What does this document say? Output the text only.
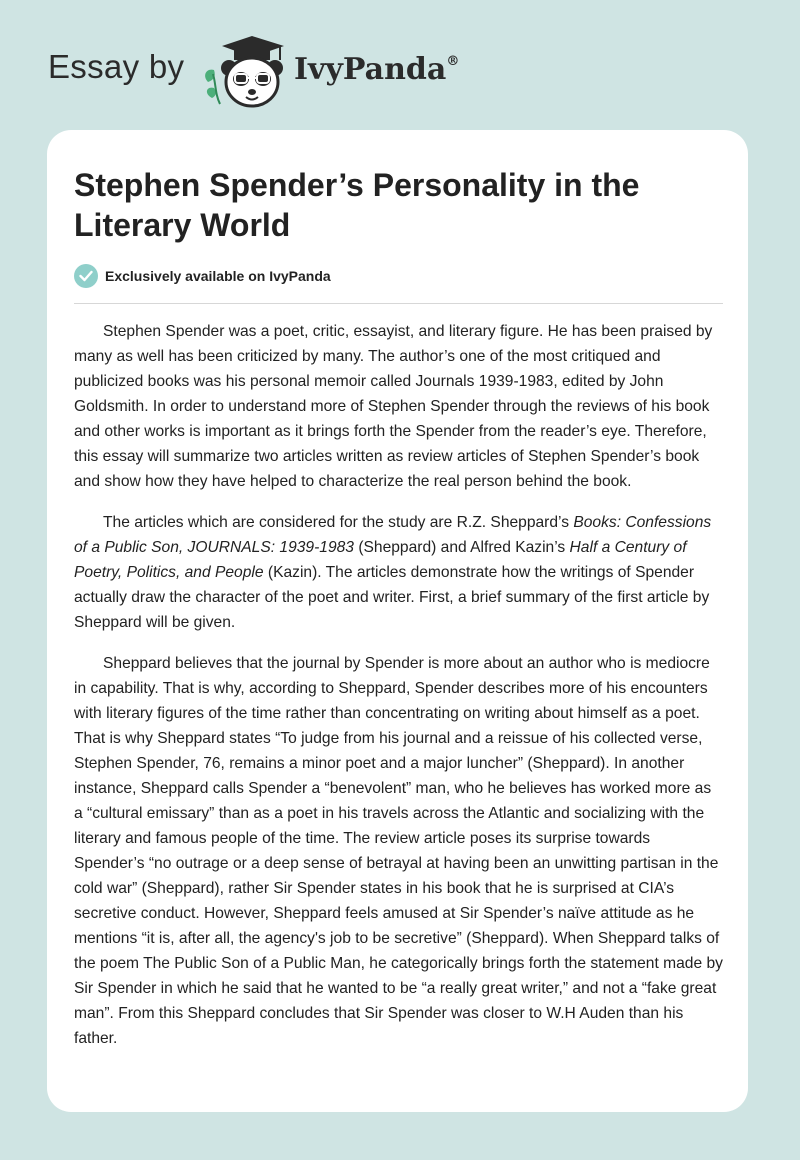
Essay by	IvyPanda®
Stephen Spender’s Personality in the Literary World
Exclusively available on IvyPanda

Stephen Spender was a poet, critic, essayist, and literary figure. He has been praised by many as well has been criticized by many. The author’s one of the most critiqued and publicized books was his personal memoir called Journals 1939-1983, edited by John Goldsmith. In order to understand more of Stephen Spender through the reviews of his book and other works is important as it brings forth the Spender from the reader’s eye. Therefore, this essay will summarize two articles written as review articles of Stephen Spender’s book and show how they have helped to characterize the real person behind the book.

The articles which are considered for the study are R.Z. Sheppard’s Books: Confessions of a Public Son, JOURNALS: 1939-1983 (Sheppard) and Alfred Kazin’s Half a Century of Poetry, Politics, and People (Kazin). The articles demonstrate how the writings of Spender actually draw the character of the poet and writer. First, a brief summary of the first article by Sheppard will be given.

Sheppard believes that the journal by Spender is more about an author who is mediocre in capability. That is why, according to Sheppard, Spender describes more of his encounters with literary figures of the time rather than concentrating on writing about himself as a poet. That is why Sheppard states “To judge from his journal and a reissue of his collected verse, Stephen Spender, 76, remains a minor poet and a major luncher” (Sheppard). In another instance, Sheppard calls Spender a “benevolent” man, who he believes has worked more as a “cultural emissary” than as a poet in his travels across the Atlantic and socializing with the literary and famous people of the time. The review article poses its surprise towards Spender’s “no outrage or a deep sense of betrayal at having been an unwitting partisan in the cold war” (Sheppard), rather Sir Spender states in his book that he is surprised at CIA’s secretive conduct. However, Sheppard feels amused at Sir Spender’s naïve attitude as he mentions “it is, after all, the agency's job to be secretive” (Sheppard). When Sheppard talks of the poem The Public Son of a Public Man, he categorically brings forth the statement made by Sir Spender in which he said that he wanted to be “a really great writer,” and not a “fake great man”. From this Sheppard concludes that Sir Spender was closer to W.H Auden than his father.
